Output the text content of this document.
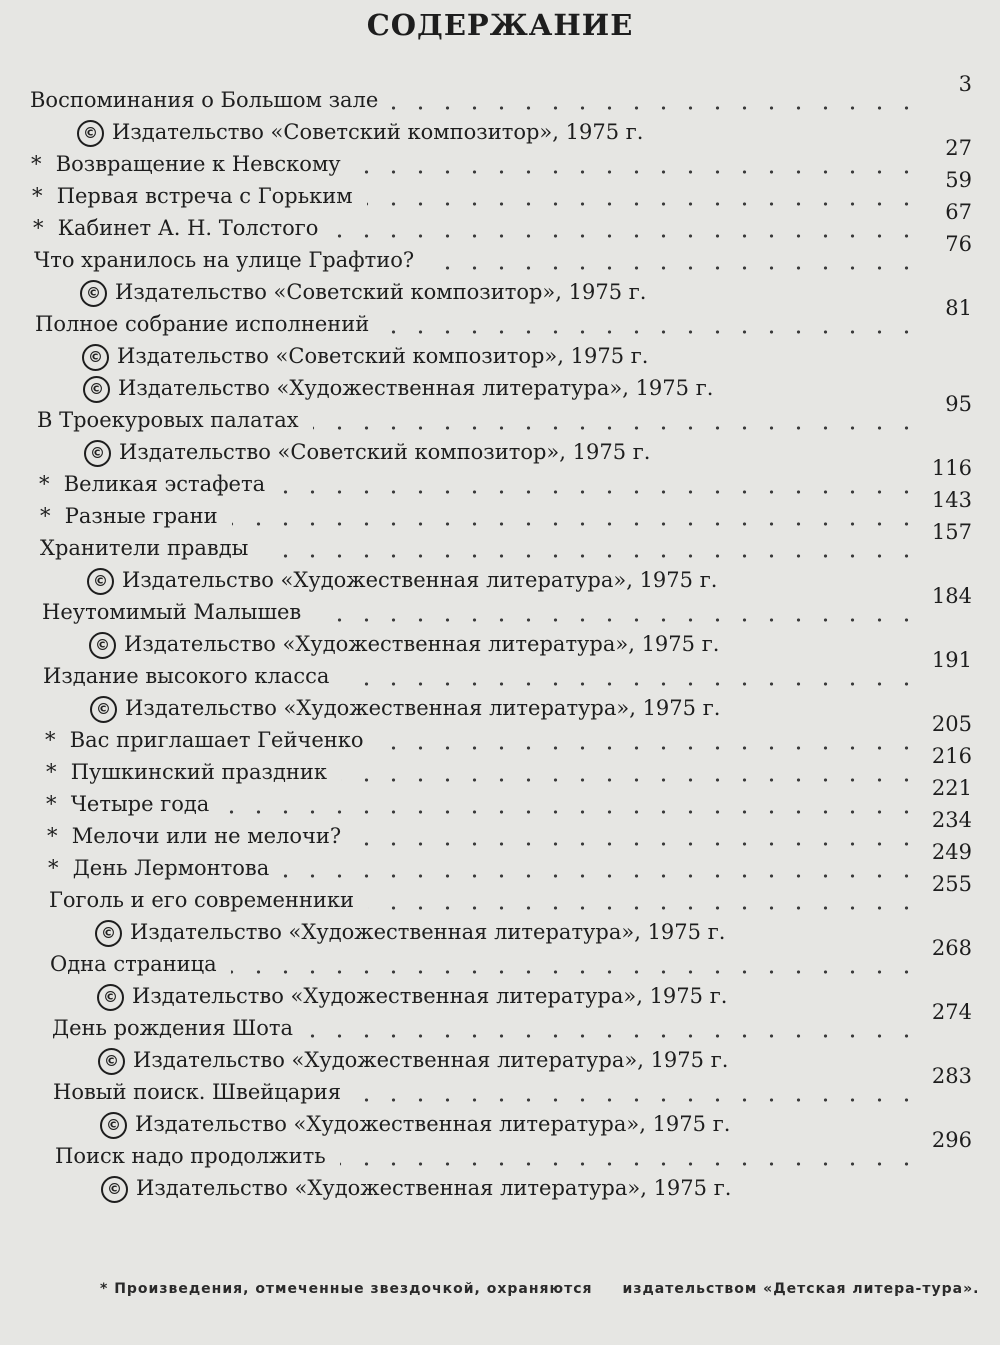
СОДЕРЖАНИЕ
Воспоминания о Большом зале
3
© Издательство «Советский композитор», 1975 г.
* Возвращение к Невскому
27
* Первая встреча с Горьким
59
* Кабинет А. Н. Толстого
67
Что хранилось на улице Графтио?
76
© Издательство «Советский композитор», 1975 г.
Полное собрание исполнений
81
© Издательство «Советский композитор», 1975 г.
© Издательство «Художественная литература», 1975 г.
В Троекуровых палатах
95
© Издательство «Советский композитор», 1975 г.
* Великая эстафета
116
* Разные грани
143
Хранители правды
157
© Издательство «Художественная литература», 1975 г.
Неутомимый Малышев
184
© Издательство «Художественная литература», 1975 г.
Издание высокого класса
191
© Издательство «Художественная литература», 1975 г.
* Вас приглашает Гейченко
205
* Пушкинский праздник
216
* Четыре года
221
* Мелочи или не мелочи?
234
* День Лермонтова
249
Гоголь и его современники
255
© Издательство «Художественная литература», 1975 г.
Одна страница
268
© Издательство «Художественная литература», 1975 г.
День рождения Шота
274
© Издательство «Художественная литература», 1975 г.
Новый поиск. Швейцария
283
© Издательство «Художественная литература», 1975 г.
Поиск надо продолжить
296
© Издательство «Художественная литература», 1975 г.
* Произведения, отмеченные звездочкой, охраняются издательством «Детская литера-тура».
